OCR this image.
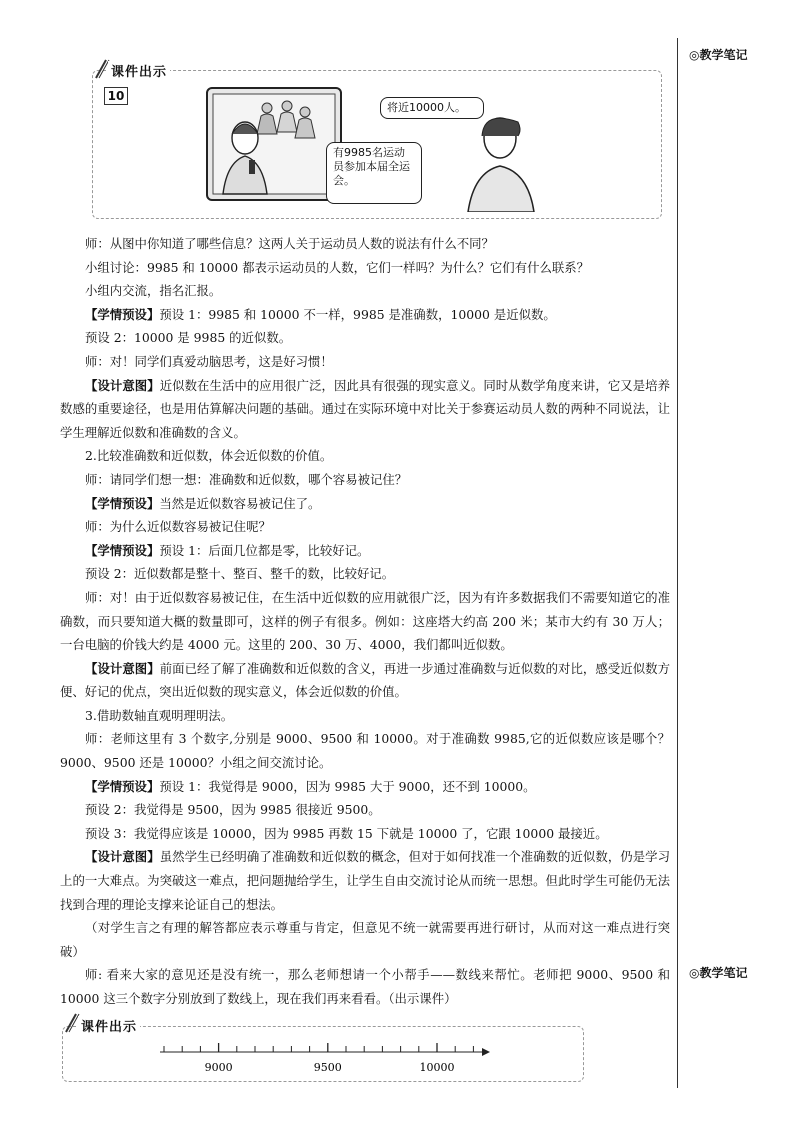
◎教学笔记
◎教学笔记
课件出示
10
将近10000人。
有9985名运动员参加本届全运会。

师：从图中你知道了哪些信息？这两人关于运动员人数的说法有什么不同？

小组讨论：9985 和 10000 都表示运动员的人数，它们一样吗？为什么？它们有什么联系？

小组内交流，指名汇报。

【学情预设】预设 1：9985 和 10000 不一样，9985 是准确数，10000 是近似数。

预设 2：10000 是 9985 的近似数。

师：对！同学们真爱动脑思考，这是好习惯！

【设计意图】近似数在生活中的应用很广泛，因此具有很强的现实意义。同时从数学角度来讲，它又是培养数感的重要途径，也是用估算解决问题的基础。通过在实际环境中对比关于参赛运动员人数的两种不同说法，让学生理解近似数和准确数的含义。

2.比较准确数和近似数，体会近似数的价值。

师：请同学们想一想：准确数和近似数，哪个容易被记住？

【学情预设】当然是近似数容易被记住了。

师：为什么近似数容易被记住呢？

【学情预设】预设 1：后面几位都是零，比较好记。

预设 2：近似数都是整十、整百、整千的数，比较好记。

师：对！由于近似数容易被记住，在生活中近似数的应用就很广泛，因为有许多数据我们不需要知道它的准确数，而只要知道大概的数量即可，这样的例子有很多。例如：这座塔大约高 200 米；某市大约有 30 万人；一台电脑的价钱大约是 4000 元。这里的 200、30 万、4000，我们都叫近似数。

【设计意图】前面已经了解了准确数和近似数的含义，再进一步通过准确数与近似数的对比，感受近似数方便、好记的优点，突出近似数的现实意义，体会近似数的价值。

3.借助数轴直观明理明法。

师：老师这里有 3 个数字,分别是 9000、9500 和 10000。对于准确数 9985,它的近似数应该是哪个？9000、9500 还是 10000？小组之间交流讨论。

【学情预设】预设 1：我觉得是 9000，因为 9985 大于 9000，还不到 10000。

预设 2：我觉得是 9500，因为 9985 很接近 9500。

预设 3：我觉得应该是 10000，因为 9985 再数 15 下就是 10000 了，它跟 10000 最接近。

【设计意图】虽然学生已经明确了准确数和近似数的概念，但对于如何找准一个准确数的近似数，仍是学习上的一大难点。为突破这一难点，把问题抛给学生，让学生自由交流讨论从而统一思想。但此时学生可能仍无法找到合理的理论支撑来论证自己的想法。

（对学生言之有理的解答都应表示尊重与肯定，但意见不统一就需要再进行研讨，从而对这一难点进行突破）

师: 看来大家的意见还是没有统一，那么老师想请一个小帮手——数线来帮忙。老师把 9000、9500 和 10000 这三个数字分别放到了数线上，现在我们再来看看。（出示课件）

课件出示
9000	9500	10000
